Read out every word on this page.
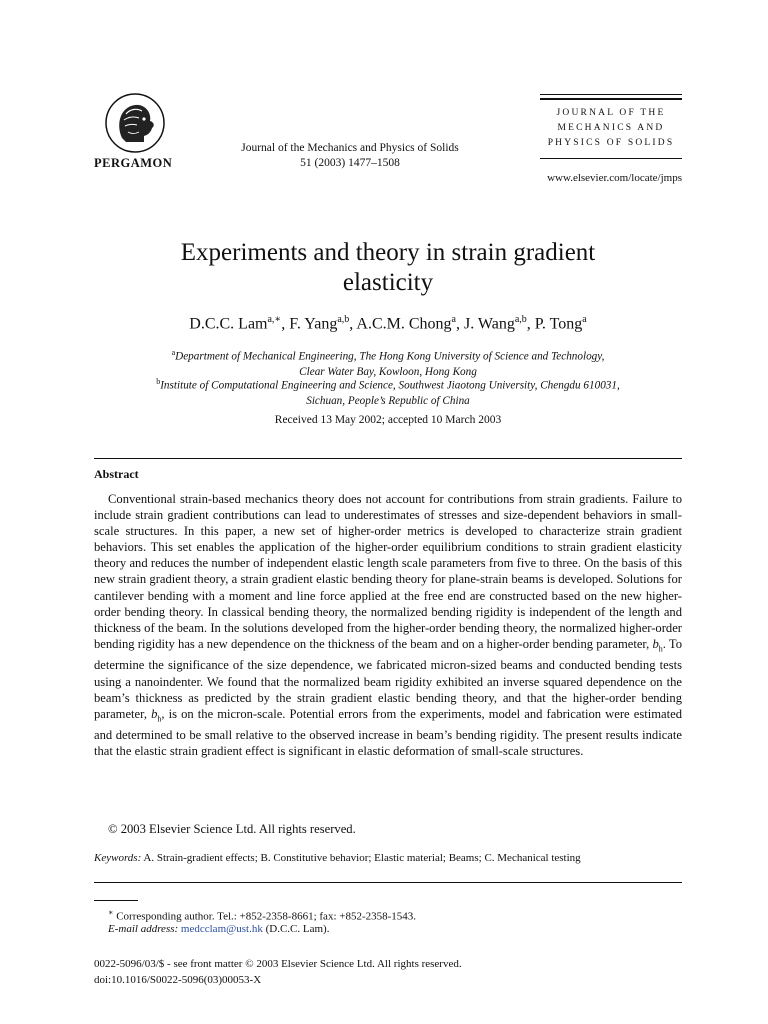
PERGAMON
Journal of the Mechanics and Physics of Solids
51 (2003) 1477–1508
JOURNAL OF THE
MECHANICS AND
PHYSICS OF SOLIDS
www.elsevier.com/locate/jmps
Experiments and theory in strain gradient
elasticity
D.C.C. Lam$^{a,∗}$, F. Yang$^{a,b}$, A.C.M. Chong$^a$, J. Wang$^{a,b}$, P. Tong$^a$
$^a$Department of Mechanical Engineering, The Hong Kong University of Science and Technology,
Clear Water Bay, Kowloon, Hong Kong
$^b$Institute of Computational Engineering and Science, Southwest Jiaotong University, Chengdu 610031,
Sichuan, People’s Republic of China
Received 13 May 2002; accepted 10 March 2003
Abstract
Conventional strain-based mechanics theory does not account for contributions from strain gradients. Failure to include strain gradient contributions can lead to underestimates of stresses and size-dependent behaviors in small-scale structures. In this paper, a new set of higher-order metrics is developed to characterize strain gradient behaviors. This set enables the application of the higher-order equilibrium conditions to strain gradient elasticity theory and reduces the number of independent elastic length scale parameters from five to three. On the basis of this new strain gradient theory, a strain gradient elastic bending theory for plane-strain beams is developed. Solutions for cantilever bending with a moment and line force applied at the free end are constructed based on the new higher-order bending theory. In classical bending theory, the normalized bending rigidity is independent of the length and thickness of the beam. In the solutions developed from the higher-order bending theory, the normalized higher-order bending rigidity has a new dependence on the thickness of the beam and on a higher-order bending parameter, $b_h$. To determine the significance of the size dependence, we fabricated micron-sized beams and conducted bending tests using a nanoindenter. We found that the normalized beam rigidity exhibited an inverse squared dependence on the beam’s thickness as predicted by the strain gradient elastic bending theory, and that the higher-order bending parameter, $b_h$, is on the micron-scale. Potential errors from the experiments, model and fabrication were estimated and determined to be small relative to the observed increase in beam’s bending rigidity. The present results indicate that the elastic strain gradient effect is significant in elastic deformation of small-scale structures.
© 2003 Elsevier Science Ltd. All rights reserved.
Keywords: A. Strain-gradient effects; B. Constitutive behavior; Elastic material; Beams; C. Mechanical testing
∗ Corresponding author. Tel.: +852-2358-8661; fax: +852-2358-1543.
E-mail address: medcclam@ust.hk (D.C.C. Lam).
0022-5096/03/$ - see front matter © 2003 Elsevier Science Ltd. All rights reserved.
doi:10.1016/S0022-5096(03)00053-X
